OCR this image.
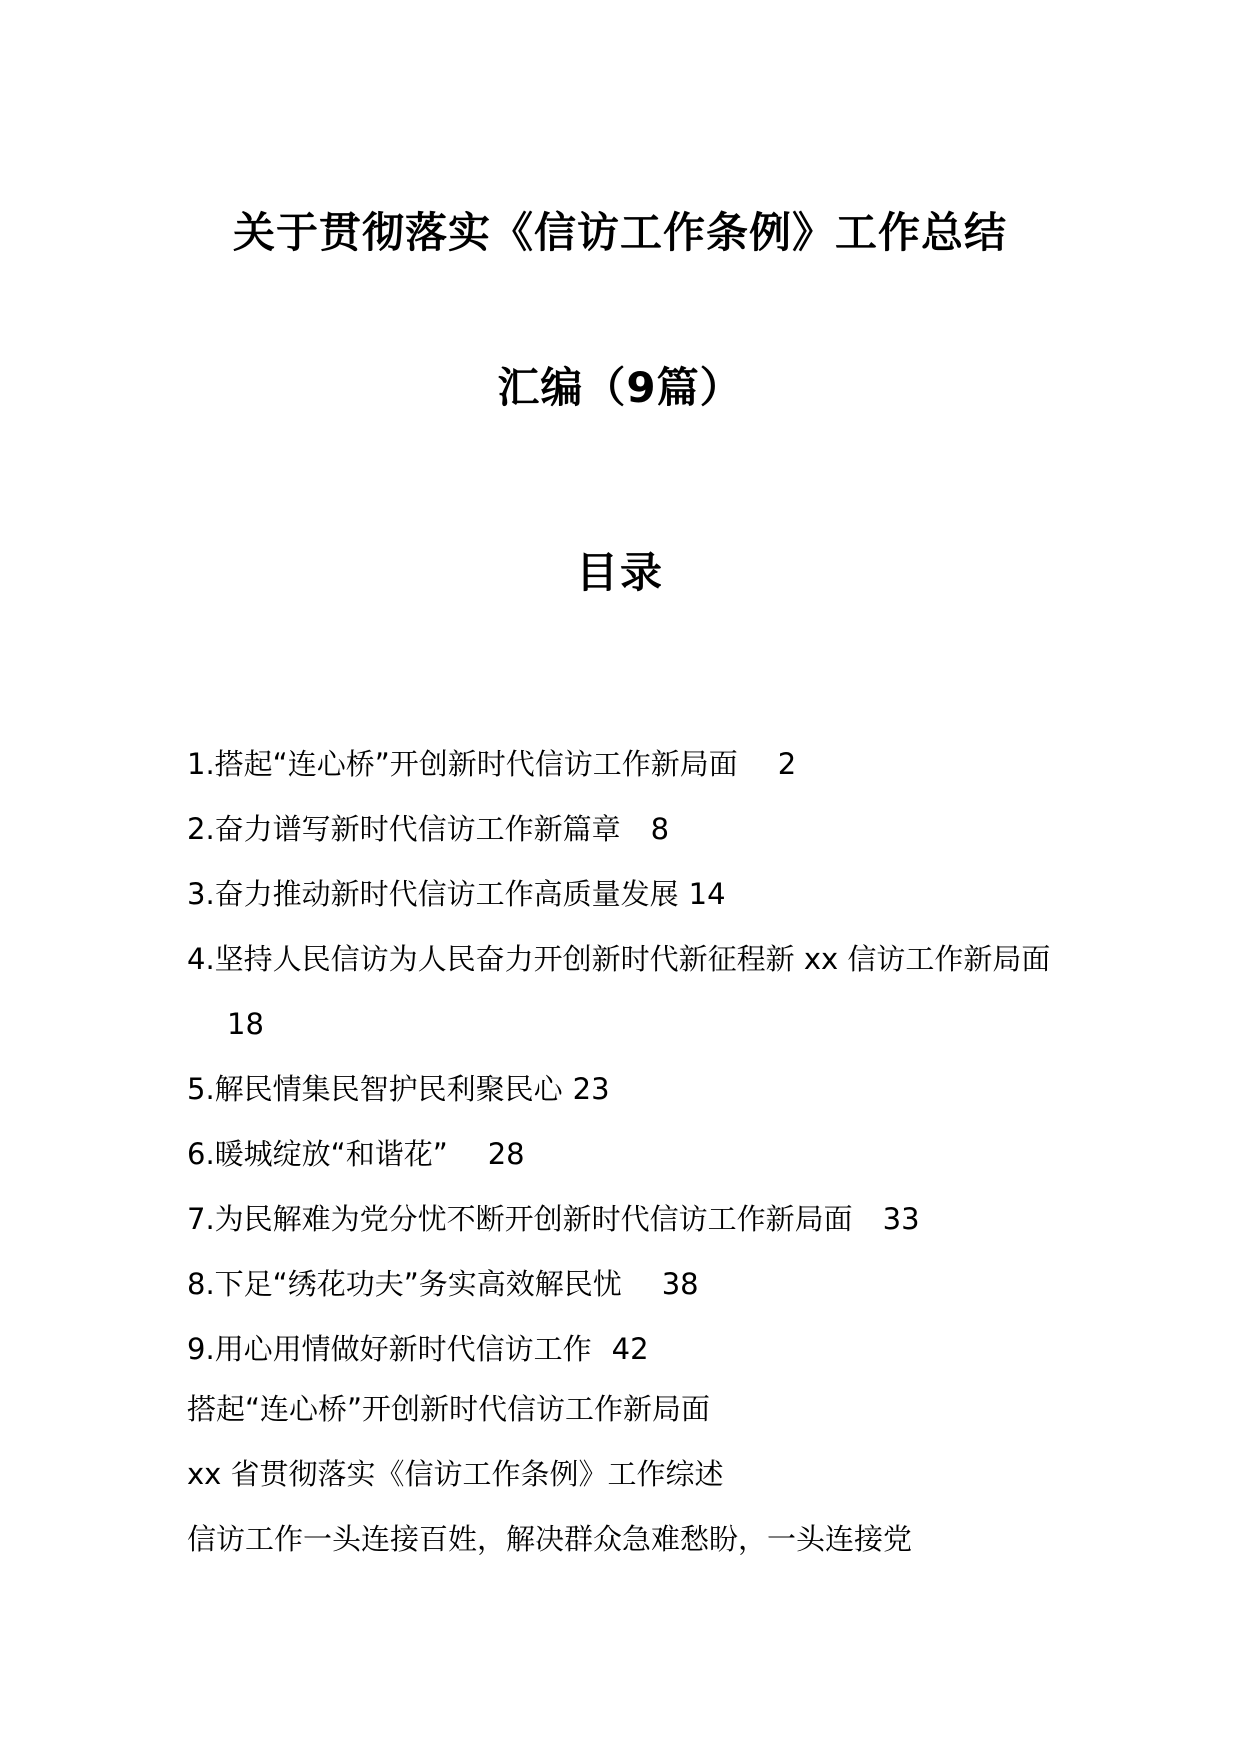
关于贯彻落实《信访工作条例》工作总结
汇编（9篇）
目录
1.搭起“连心桥”开创新时代信访工作新局面 2
2.奋力谱写新时代信访工作新篇章 8
3.奋力推动新时代信访工作高质量发展 14
4.坚持人民信访为人民奋力开创新时代新征程新 xx 信访工作新局面18
5.解民情集民智护民利聚民心 23
6.暖城绽放“和谐花” 28
7.为民解难为党分忧不断开创新时代信访工作新局面 33
8.下足“绣花功夫”务实高效解民忧 38
9.用心用情做好新时代信访工作 42
搭起“连心桥”开创新时代信访工作新局面
xx 省贯彻落实《信访工作条例》工作综述
信访工作一头连接百姓，解决群众急难愁盼，一头连接党
